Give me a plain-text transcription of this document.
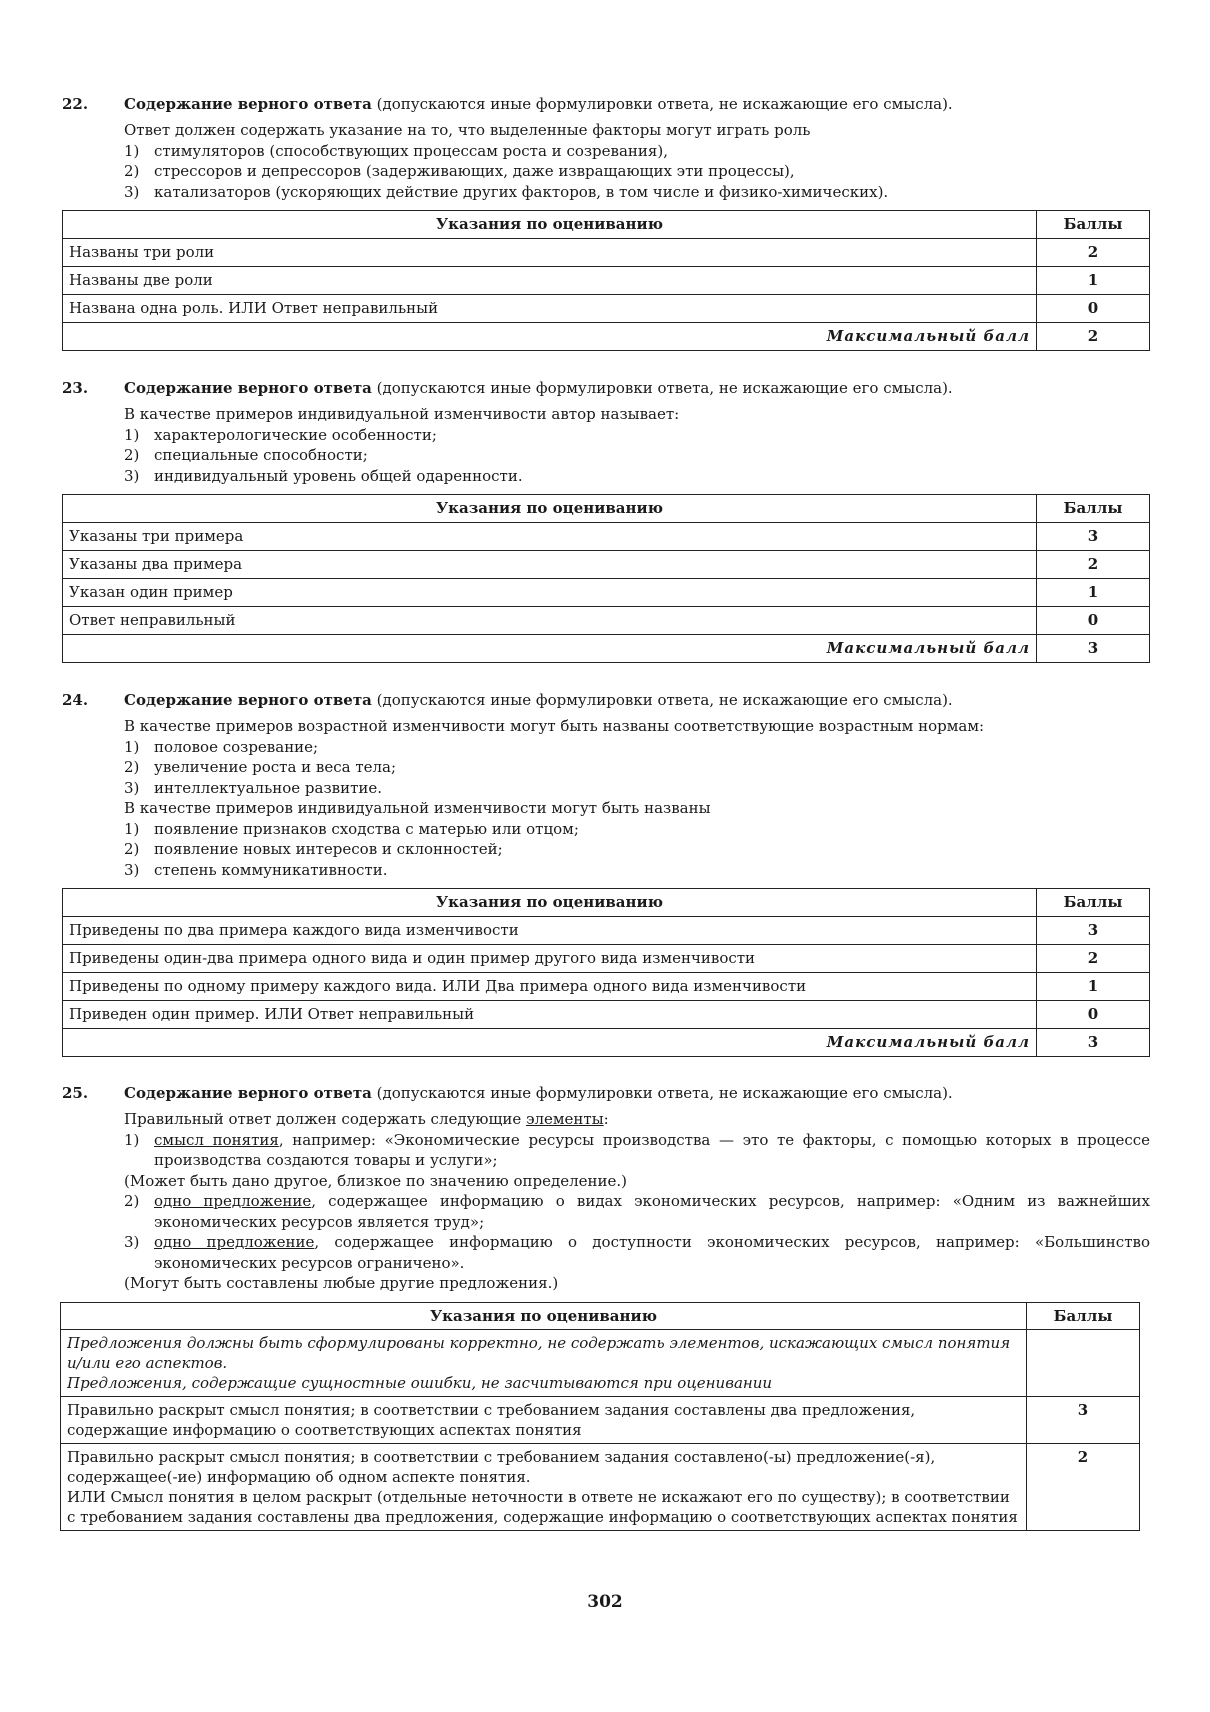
22. Содержание верного ответа (допускаются иные формулировки ответа, не искажающие его смысла).
Ответ должен содержать указание на то, что выделенные факторы могут играть роль
1) стимуляторов (способствующих процессам роста и созревания),
2) стрессоров и депрессоров (задерживающих, даже извращающих эти процессы),
3) катализаторов (ускоряющих действие других факторов, в том числе и физико-химических).
Указания по оцениванию	Баллы

Названы три роли	2

Названы две роли	1

Названа одна роль. ИЛИ Ответ неправильный	0
Максимальный балл	2
23. Содержание верного ответа (допускаются иные формулировки ответа, не искажающие его смысла).
В качестве примеров индивидуальной изменчивости автор называет:
1) характерологические особенности;
2) специальные способности;
3) индивидуальный уровень общей одаренности.
Указания по оцениванию	Баллы

Указаны три примера	3

Указаны два примера	2

Указан один пример	1

Ответ неправильный	0
Максимальный балл	3
24. Содержание верного ответа (допускаются иные формулировки ответа, не искажающие его смысла).
В качестве примеров возрастной изменчивости могут быть названы соответствующие возрастным нормам:
1) половое созревание;
2) увеличение роста и веса тела;
3) интеллектуальное развитие.
В качестве примеров индивидуальной изменчивости могут быть названы
1) появление признаков сходства с матерью или отцом;
2) появление новых интересов и склонностей;
3) степень коммуникативности.
Указания по оцениванию	Баллы

Приведены по два примера каждого вида изменчивости	3

Приведены один-два примера одного вида и один пример другого вида изменчивости	2

Приведены по одному примеру каждого вида. ИЛИ Два примера одного вида изменчивости	1

Приведен один пример. ИЛИ Ответ неправильный	0
Максимальный балл	3
25. Содержание верного ответа (допускаются иные формулировки ответа, не искажающие его смысла).
Правильный ответ должен содержать следующие элементы:
1) смысл понятия, например: «Экономические ресурсы производства — это те факторы, с помощью которых в процессе производства создаются товары и услуги»;
(Может быть дано другое, близкое по значению определение.)
2) одно предложение, содержащее информацию о видах экономических ресурсов, например: «Одним из важнейших экономических ресурсов является труд»;
3) одно предложение, содержащее информацию о доступности экономических ресурсов, например: «Большинство экономических ресурсов ограничено».
(Могут быть составлены любые другие предложения.)
Указания по оцениванию	Баллы

Предложения должны быть сформулированы корректно, не содержать элементов, искажающих смысл понятия и/или его аспектов.
Предложения, содержащие сущностные ошибки, не засчитываются при оценивании	

Правильно раскрыт смысл понятия; в соответствии с требованием задания составлены два предложения, содержащие информацию о соответствующих аспектах понятия	3

Правильно раскрыт смысл понятия; в соответствии с требованием задания составлено(-ы) предложение(-я), содержащее(-ие) информацию об одном аспекте понятия.
ИЛИ Смысл понятия в целом раскрыт (отдельные неточности в ответе не искажают его по существу); в соответствии с требованием задания составлены два предложения, содержащие информацию о соответствующих аспектах понятия	2
302
